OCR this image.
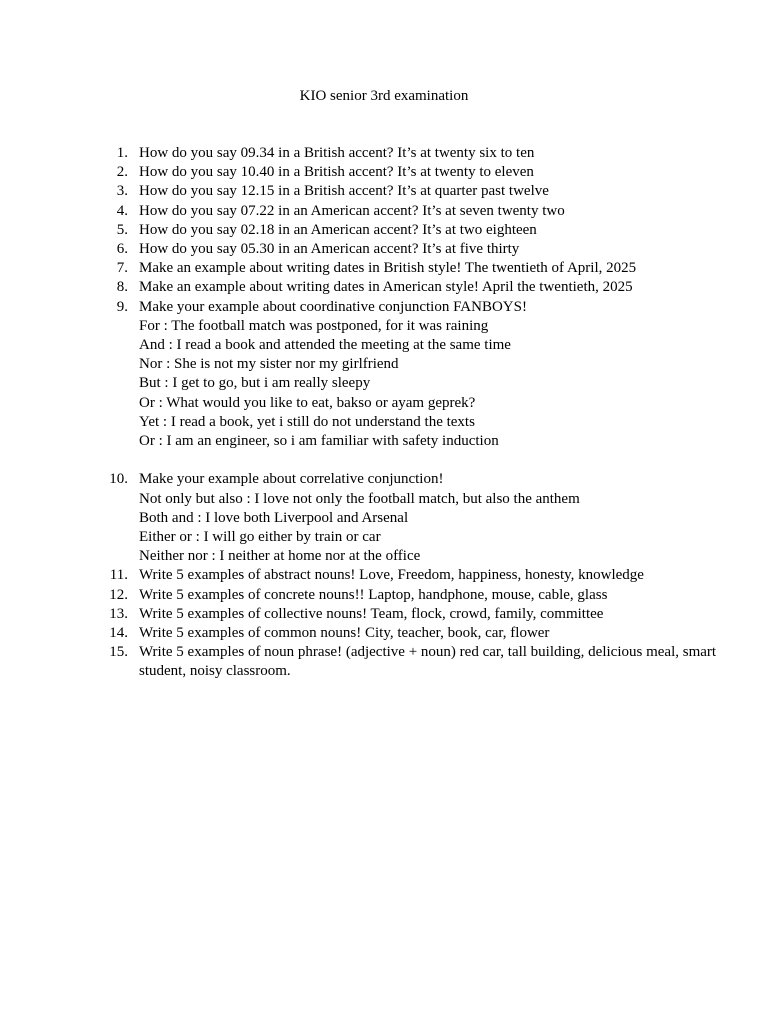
KIO senior 3rd examination
1. How do you say 09.34 in a British accent? It’s at twenty six to ten
2. How do you say 10.40 in a British accent? It’s at twenty to eleven
3. How do you say 12.15 in a British accent? It’s at quarter past twelve
4. How do you say 07.22 in an American accent? It’s at seven twenty two
5. How do you say 02.18 in an American accent? It’s at two eighteen
6. How do you say 05.30 in an American accent? It’s at five thirty
7. Make an example about writing dates in British style! The twentieth of April, 2025
8. Make an example about writing dates in American style! April the twentieth, 2025
9. Make your example about coordinative conjunction FANBOYS!
For : The football match was postponed, for it was raining
And : I read a book and attended the meeting at the same time
Nor : She is not my sister nor my girlfriend
But : I get to go, but i am really sleepy
Or : What would you like to eat, bakso or ayam geprek?
Yet : I read a book, yet i still do not understand the texts
Or : I am an engineer, so i am familiar with safety induction
10. Make your example about correlative conjunction!
Not only but also : I love not only the football match, but also the anthem
Both and : I love both Liverpool and Arsenal
Either or : I will go either by train or car
Neither nor : I neither at home nor at the office
11. Write 5 examples of abstract nouns! Love, Freedom, happiness, honesty, knowledge
12. Write 5 examples of concrete nouns!! Laptop, handphone, mouse, cable, glass
13. Write 5 examples of collective nouns! Team, flock, crowd, family, committee
14. Write 5 examples of common nouns! City, teacher, book, car, flower
15. Write 5 examples of noun phrase! (adjective + noun) red car, tall building, delicious meal, smart student, noisy classroom.
